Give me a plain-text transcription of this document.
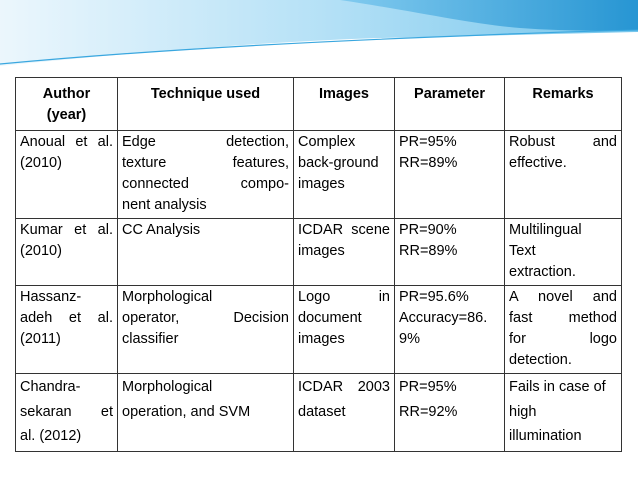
Author
(year)	Technique used	Images	Parameter	Remarks

Anoual et al.
(2010)	Edge detection,
texture features,
connected compo-
nent analysis	Complex
back-ground
images	PR=95%
RR=89%	Robust and
effective.

Kumar et al.
(2010)	CC Analysis	ICDAR scene
images	PR=90%
RR=89%	Multilingual
Text
extraction.

Hassanz-
adeh et al.
(2011)	Morphological
operator, Decision
classifier	Logo in
document
images	PR=95.6%
Accuracy=86.
9%	A novel and
fast method
for logo
detection.

Chandra-
sekaran et
al. (2012)	Morphological
operation, and SVM	ICDAR 2003
dataset	PR=95%
RR=92%	Fails in case of
high
illumination
